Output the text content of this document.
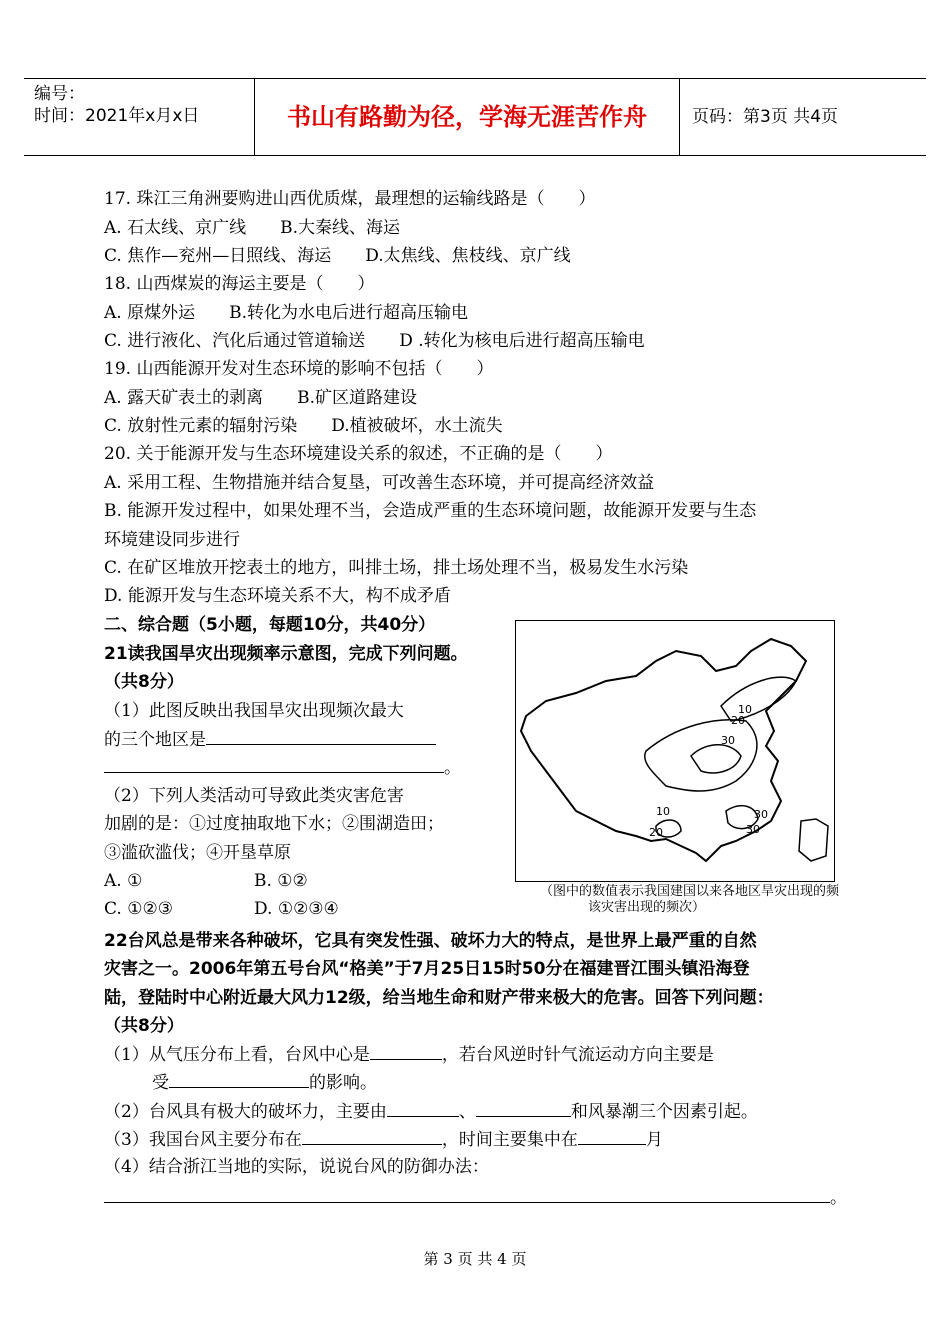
编号：
时间：2021年x月x日	书山有路勤为径，学海无涯苦作舟	页码：第3页 共4页
17. 珠江三角洲要购进山西优质煤，最理想的运输线路是（　　）
A. 石太线、京广线　　B.大秦线、海运
C. 焦作—兖州—日照线、海运　　D.太焦线、焦枝线、京广线
18. 山西煤炭的海运主要是（　　）
A. 原煤外运　　B.转化为水电后进行超高压输电
C. 进行液化、汽化后通过管道输送　　D .转化为核电后进行超高压输电
19. 山西能源开发对生态环境的影响不包括（　　）
A. 露天矿表土的剥离　　B.矿区道路建设
C. 放射性元素的辐射污染　　D.植被破坏，水土流失
20. 关于能源开发与生态环境建设关系的叙述，不正确的是（　　）
A. 采用工程、生物措施并结合复垦，可改善生态环境，并可提高经济效益
B. 能源开发过程中，如果处理不当，会造成严重的生态环境问题，故能源开发要与生态
环境建设同步进行
C. 在矿区堆放开挖表土的地方，叫排土场，排土场处理不当，极易发生水污染
D. 能源开发与生态环境关系不大，构不成矛盾
二、综合题（5小题，每题10分，共40分）
21读我国旱灾出现频率示意图，完成下列问题。
（共8分）
（1）此图反映出我国旱灾出现频次最大
的三个地区是
。
（2）下列人类活动可导致此类灾害危害
加剧的是：①过度抽取地下水；②围湖造田；
③滥砍滥伐；④开垦草原
A. ①	B. ①②
C. ①②③	D. ①②③④
10
20
30
10
20
30
30
（图中的数值表示我国建国以来各地区旱灾出现的频
该灾害出现的频次）
22台风总是带来各种破坏，它具有突发性强、破坏力大的特点，是世界上最严重的自然
灾害之一。2006年第五号台风“格美”于7月25日15时50分在福建晋江围头镇沿海登
陆，登陆时中心附近最大风力12级，给当地生命和财产带来极大的危害。回答下列问题：
（共8分）
（1）从气压分布上看，台风中心是	，若台风逆时针气流运动方向主要是
受	的影响。
（2）台风具有极大的破坏力，主要由	、	和风暴潮三个因素引起。
（3）我国台风主要分布在	，时间主要集中在	月
（4）结合浙江当地的实际，说说台风的防御办法：
。
第 3 页 共 4 页
